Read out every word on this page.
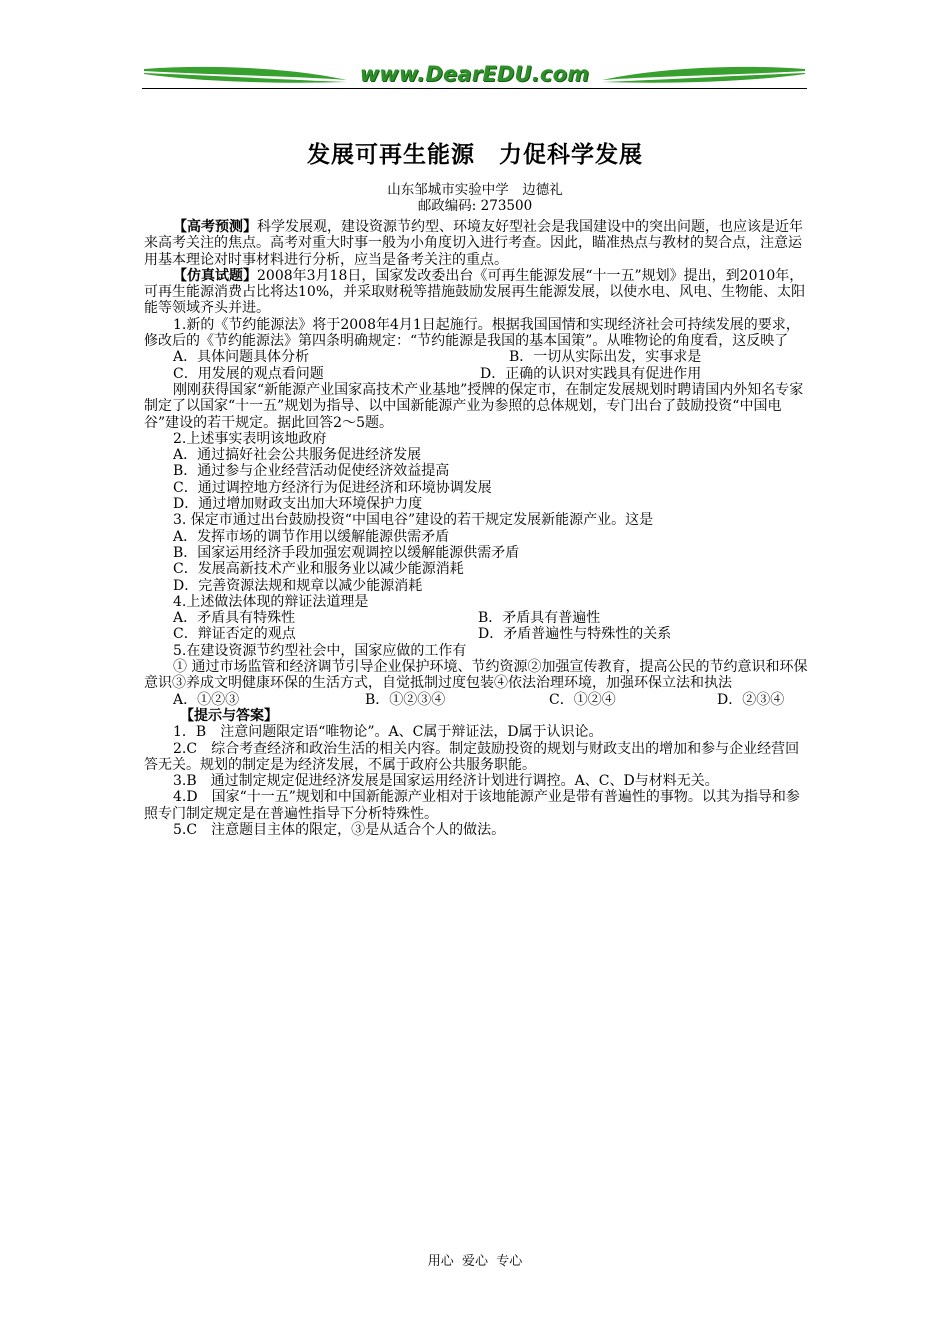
www.DearEDU.com
发展可再生能源　力促科学发展
山东邹城市实验中学　边德礼
邮政编码: 273500

【高考预测】科学发展观，建设资源节约型、环境友好型社会是我国建设中的突出问题，也应该是近年来高考关注的焦点。高考对重大时事一般为小角度切入进行考查。因此，瞄准热点与教材的契合点，注意运用基本理论对时事材料进行分析，应当是备考关注的重点。

【仿真试题】2008年3月18日，国家发改委出台《可再生能源发展“十一五”规划》提出，到2010年，可再生能源消费占比将达10%，并采取财税等措施鼓励发展再生能源发展，以使水电、风电、生物能、太阳能等领域齐头并进。

1.新的《节约能源法》将于2008年4月1日起施行。根据我国国情和实现经济社会可持续发展的要求，修改后的《节约能源法》第四条明确规定：“节约能源是我国的基本国策”。从唯物论的角度看，这反映了

A．具体问题具体分析	B．一切从实际出发，实事求是
C．用发展的观点看问题	D．正确的认识对实践具有促进作用

刚刚获得国家“新能源产业国家高技术产业基地”授牌的保定市，在制定发展规划时聘请国内外知名专家制定了以国家“十一五”规划为指导、以中国新能源产业为参照的总体规划，专门出台了鼓励投资“中国电谷”建设的若干规定。据此回答2～5题。

2.上述事实表明该地政府

A．通过搞好社会公共服务促进经济发展

B．通过参与企业经营活动促使经济效益提高

C．通过调控地方经济行为促进经济和环境协调发展

D．通过增加财政支出加大环境保护力度

3. 保定市通过出台鼓励投资“中国电谷”建设的若干规定发展新能源产业。这是

A．发挥市场的调节作用以缓解能源供需矛盾

B．国家运用经济手段加强宏观调控以缓解能源供需矛盾

C．发展高新技术产业和服务业以减少能源消耗

D．完善资源法规和规章以减少能源消耗

4.上述做法体现的辩证法道理是

A．矛盾具有特殊性	B．矛盾具有普遍性
C．辩证否定的观点	D．矛盾普遍性与特殊性的关系

5.在建设资源节约型社会中，国家应做的工作有

① 通过市场监管和经济调节引导企业保护环境、节约资源②加强宣传教育，提高公民的节约意识和环保意识③养成文明健康环保的生活方式，自觉抵制过度包装④依法治理环境，加强环保立法和执法

A．①②③	B．①②③④	C．①②④	D．②③④

【提示与答案】

1．B　注意问题限定语“唯物论”。A、C属于辩证法，D属于认识论。

2.C　综合考查经济和政治生活的相关内容。制定鼓励投资的规划与财政支出的增加和参与企业经营回答无关。规划的制定是为经济发展，不属于政府公共服务职能。

3.B　通过制定规定促进经济发展是国家运用经济计划进行调控。A、C、D与材料无关。

4.D　国家“十一五”规划和中国新能源产业相对于该地能源产业是带有普遍性的事物。以其为指导和参照专门制定规定是在普遍性指导下分析特殊性。

5.C　注意题目主体的限定，③是从适合个人的做法。

用心  爱心  专心
